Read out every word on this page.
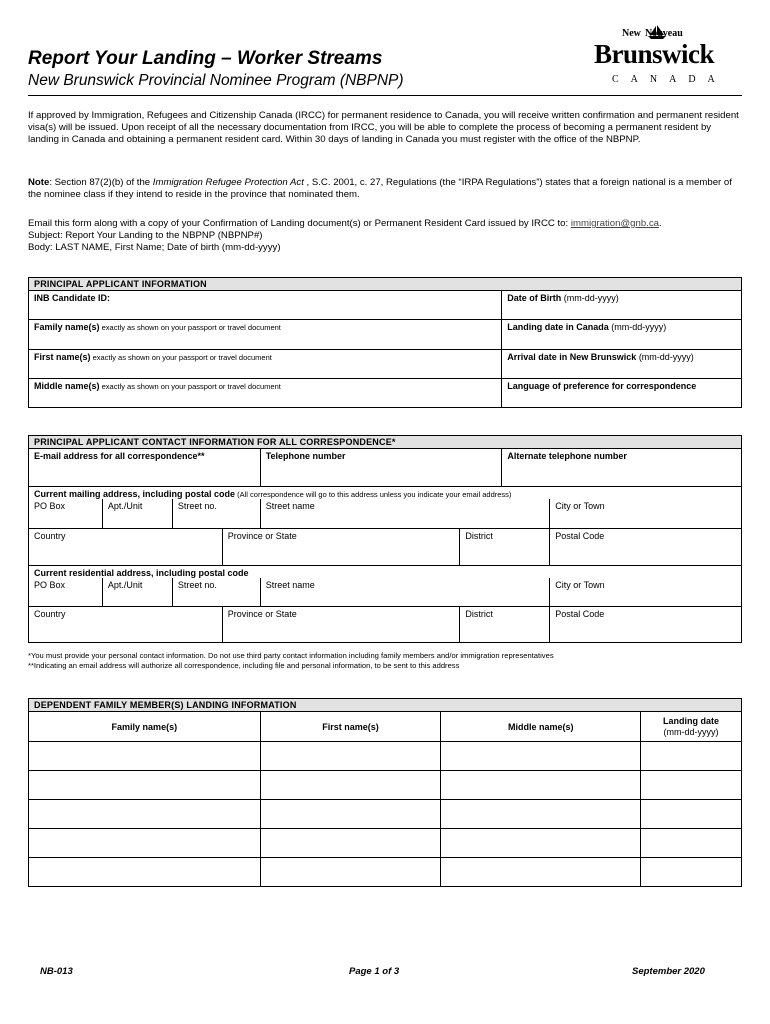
Report Your Landing – Worker Streams
New Brunswick Provincial Nominee Program (NBPNP)
New Nouveau
Brunswick
CANADA
If approved by Immigration, Refugees and Citizenship Canada (IRCC) for permanent residence to Canada, you will receive written confirmation and permanent resident visa(s) will be issued. Upon receipt of all the necessary documentation from IRCC, you will be able to complete the process of becoming a permanent resident by landing in Canada and obtaining a permanent resident card. Within 30 days of landing in Canada you must register with the office of the NBPNP.
Note: Section 87(2)(b) of the Immigration Refugee Protection Act , S.C. 2001, c. 27, Regulations (the “IRPA Regulations”) states that a foreign national is a member of the nominee class if they intend to reside in the province that nominated them.
Email this form along with a copy of your Confirmation of Landing document(s) or Permanent Resident Card issued by IRCC to: immigration@gnb.ca.
Subject: Report Your Landing to the NBPNP (NBPNP#)
Body: LAST NAME, First Name; Date of birth (mm-dd-yyyy)
PRINCIPAL APPLICANT INFORMATION	
INB Candidate ID:	Date of Birth (mm-dd-yyyy)
Family name(s) exactly as shown on your passport or travel document	Landing date in Canada (mm-dd-yyyy)
First name(s) exactly as shown on your passport or travel document	Arrival date in New Brunswick (mm-dd-yyyy)
Middle name(s) exactly as shown on your passport or travel document	Language of preference for correspondence
PRINCIPAL APPLICANT CONTACT INFORMATION FOR ALL CORRESPONDENCE*							
E-mail address for all correspondence**				Telephone number		Alternate telephone number	
Current mailing address, including postal code (All correspondence will go to this address unless you indicate your email address)							
PO Box	Apt./Unit	Street no.		Street name			City or Town
Country			Province or State		District		Postal Code
Current residential address, including postal code							
PO Box	Apt./Unit	Street no.		Street name			City or Town
Country			Province or State		District		Postal Code
*You must provide your personal contact information. Do not use third party contact information including family members and/or immigration representatives
**Indicating an email address will authorize all correspondence, including file and personal information, to be sent to this address
DEPENDENT FAMILY MEMBER(S) LANDING INFORMATION			
Family name(s)	First name(s)	Middle name(s)	Landing date
(mm-dd-yyyy)

NB-013	Page 1 of 3	September 2020
